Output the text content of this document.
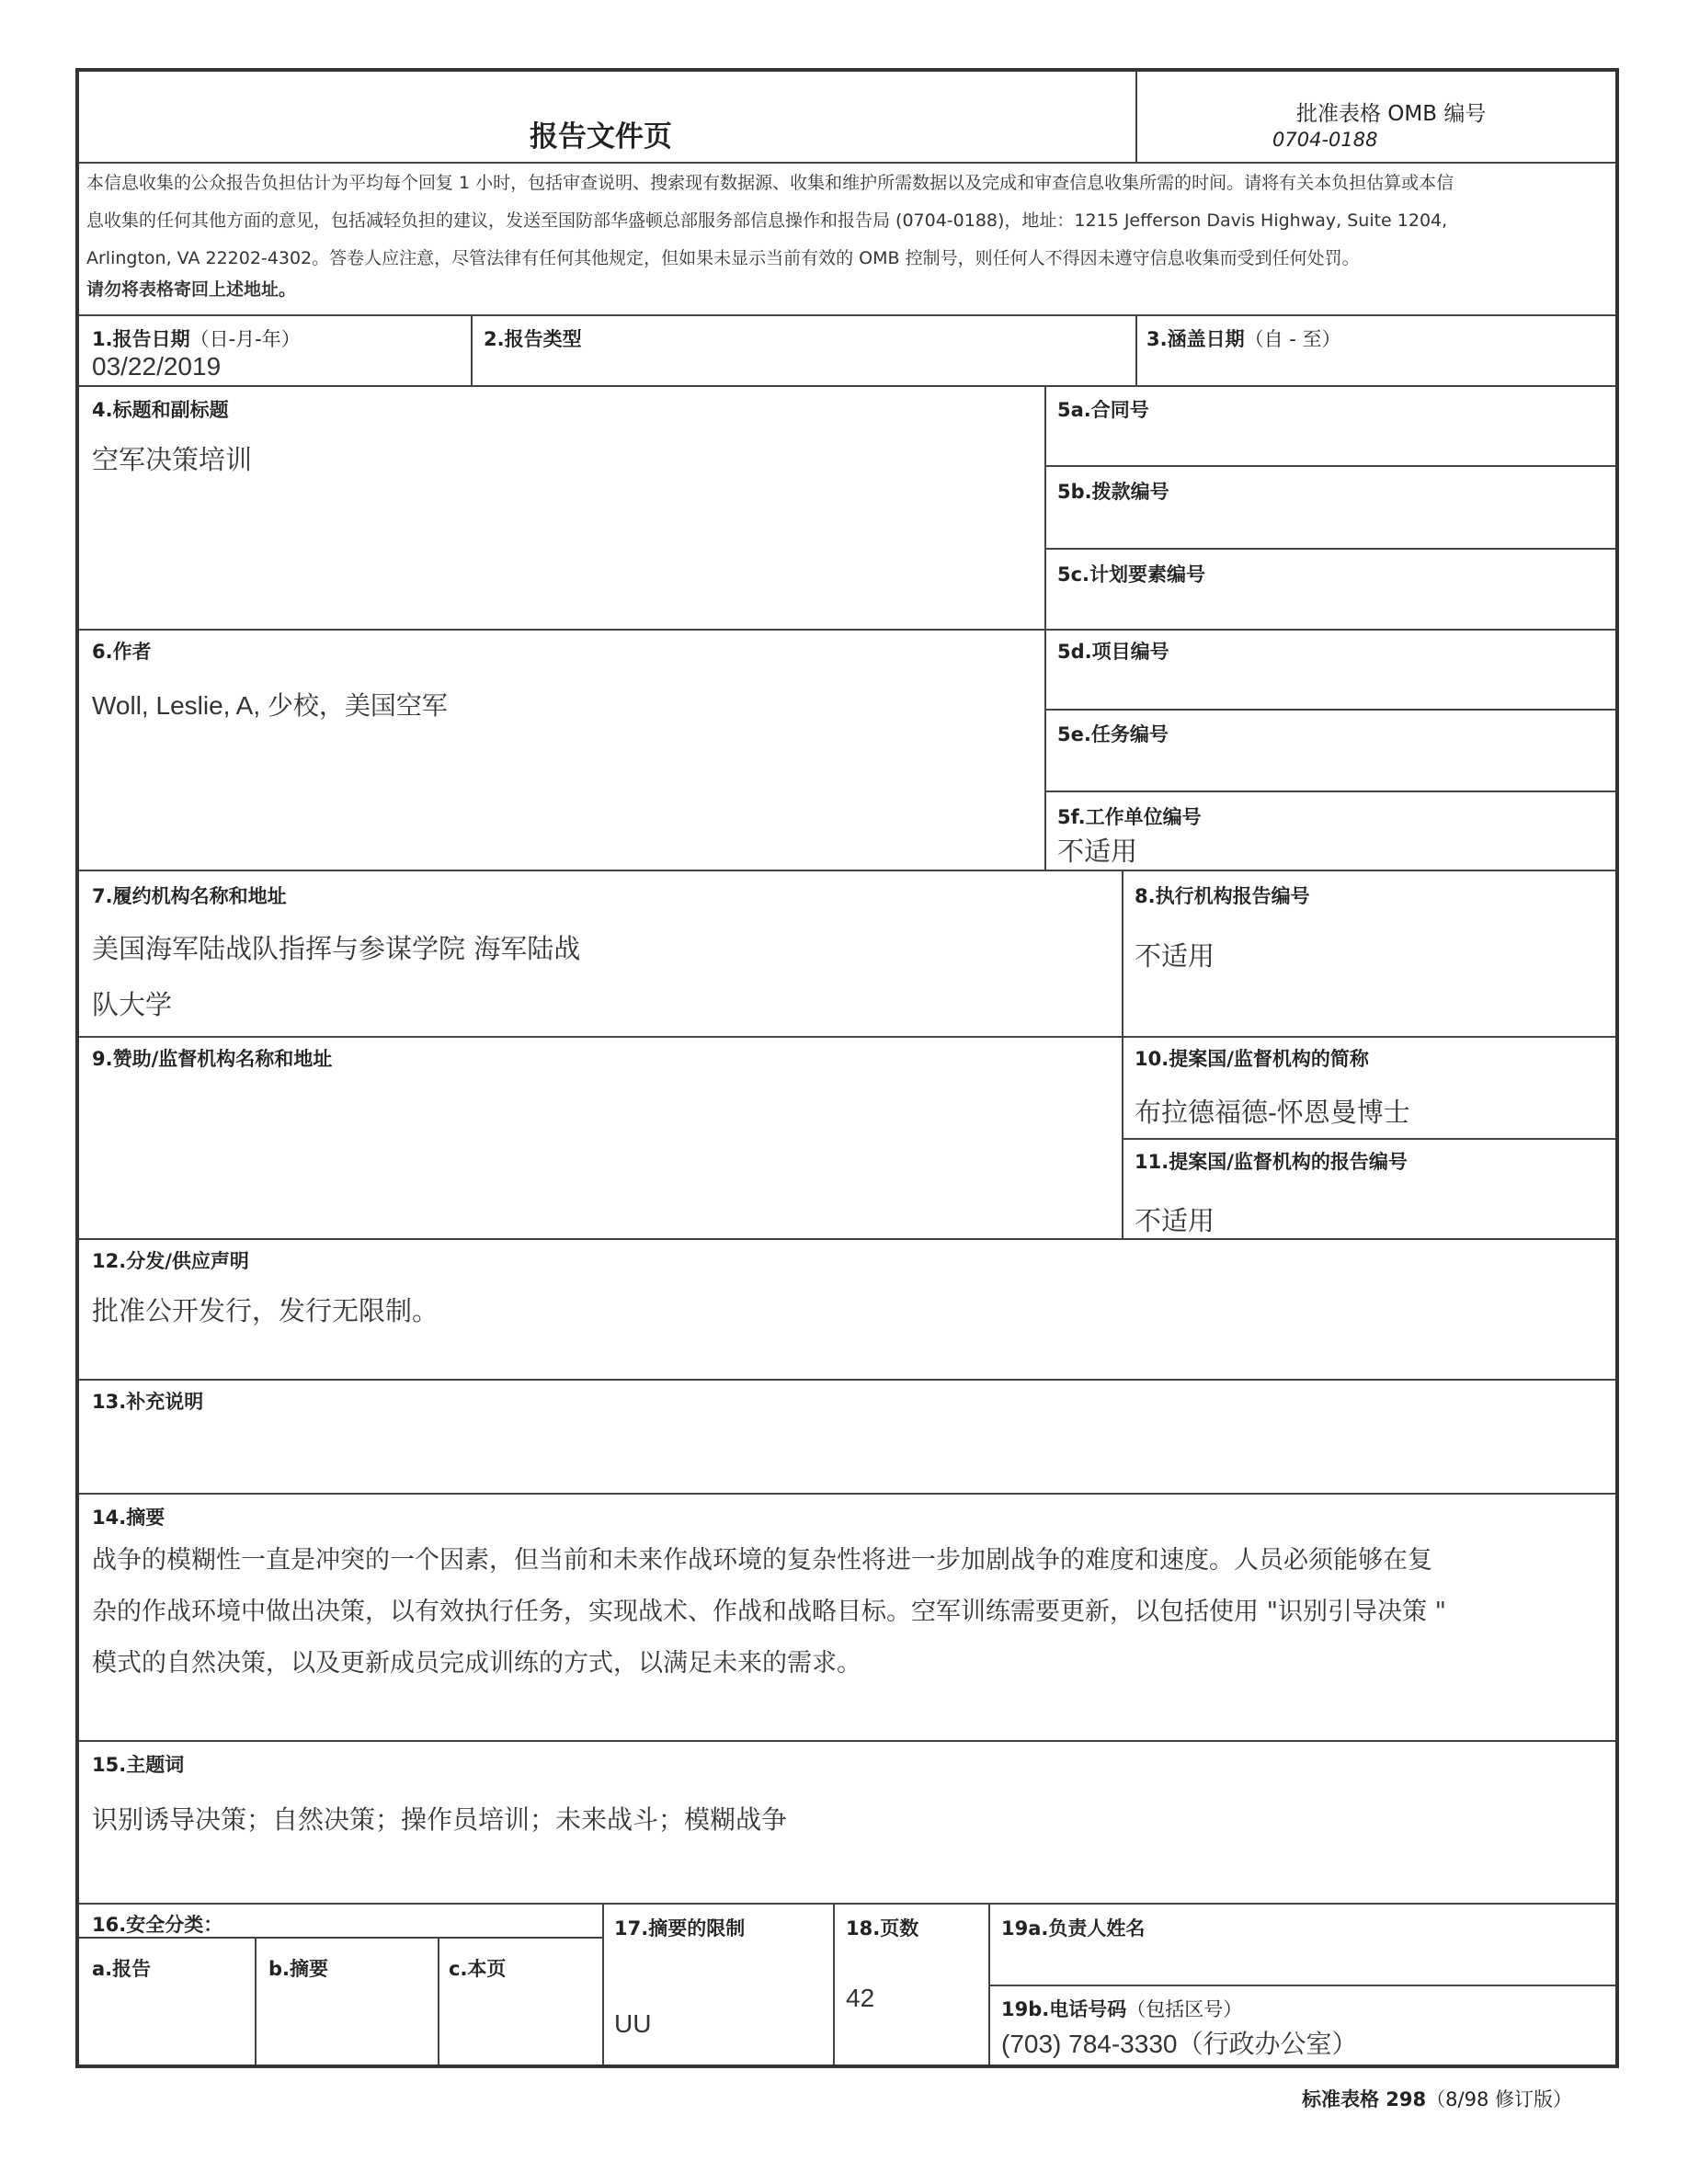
报告文件页
批准表格 OMB 编号
0704-0188
本信息收集的公众报告负担估计为平均每个回复 1 小时，包括审查说明、搜索现有数据源、收集和维护所需数据以及完成和审查信息收集所需的时间。请将有关本负担估算或本信
息收集的任何其他方面的意见，包括减轻负担的建议，发送至国防部华盛顿总部服务部信息操作和报告局 (0704-0188)，地址：1215 Jefferson Davis Highway, Suite 1204,
Arlington, VA 22202-4302。答卷人应注意，尽管法律有任何其他规定，但如果未显示当前有效的 OMB 控制号，则任何人不得因未遵守信息收集而受到任何处罚。
请勿将表格寄回上述地址。
1.报告日期（日-月-年）
03/22/2019
2.报告类型	3.涵盖日期（自 - 至）
4.标题和副标题
空军决策培训
5a.合同号
5b.拨款编号
5c.计划要素编号
6.作者
Woll, Leslie, A, 少校，美国空军
5d.项目编号
5e.任务编号
5f.工作单位编号
不适用
7.履约机构名称和地址
美国海军陆战队指挥与参谋学院 海军陆战
队大学
8.执行机构报告编号
不适用
9.赞助/监督机构名称和地址	10.提案国/监督机构的简称
布拉德福德-怀恩曼博士
11.提案国/监督机构的报告编号
不适用
12.分发/供应声明
批准公开发行，发行无限制。
13.补充说明
14.摘要
战争的模糊性一直是冲突的一个因素，但当前和未来作战环境的复杂性将进一步加剧战争的难度和速度。人员必须能够在复
杂的作战环境中做出决策，以有效执行任务，实现战术、作战和战略目标。空军训练需要更新，以包括使用 "识别引导决策 "
模式的自然决策，以及更新成员完成训练的方式，以满足未来的需求。
15.主题词
识别诱导决策；自然决策；操作员培训；未来战斗；模糊战争
16.安全分类：
a.报告	b.摘要	c.本页
17.摘要的限制
UU
18.页数
42
19a.负责人姓名
19b.电话号码（包括区号）
(703) 784-3330（行政办公室）
标准表格 298（8/98 修订版）
